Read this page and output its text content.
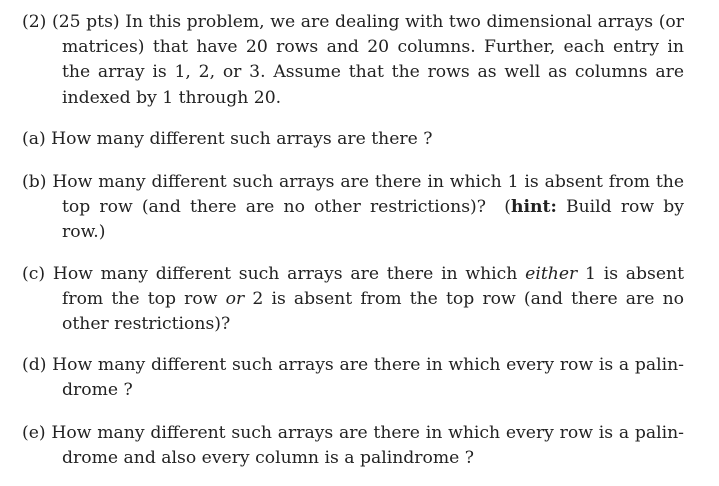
(2) (25 pts) In this problem, we are dealing with two dimensional arrays (or matrices) that have 20 rows and 20 columns. Further, each entry in the array is 1, 2, or 3. Assume that the rows as well as columns are indexed by 1 through 20.

(a) How many different such arrays are there ?

(b) How many different such arrays are there in which 1 is absent from the top row (and there are no other restrictions)? (hint: Build row by row.)

(c) How many different such arrays are there in which either 1 is absent from the top row or 2 is absent from the top row (and there are no other restrictions)?

(d) How many different such arrays are there in which every row is a palin- drome ?

(e) How many different such arrays are there in which every row is a palin- drome and also every column is a palindrome ?
